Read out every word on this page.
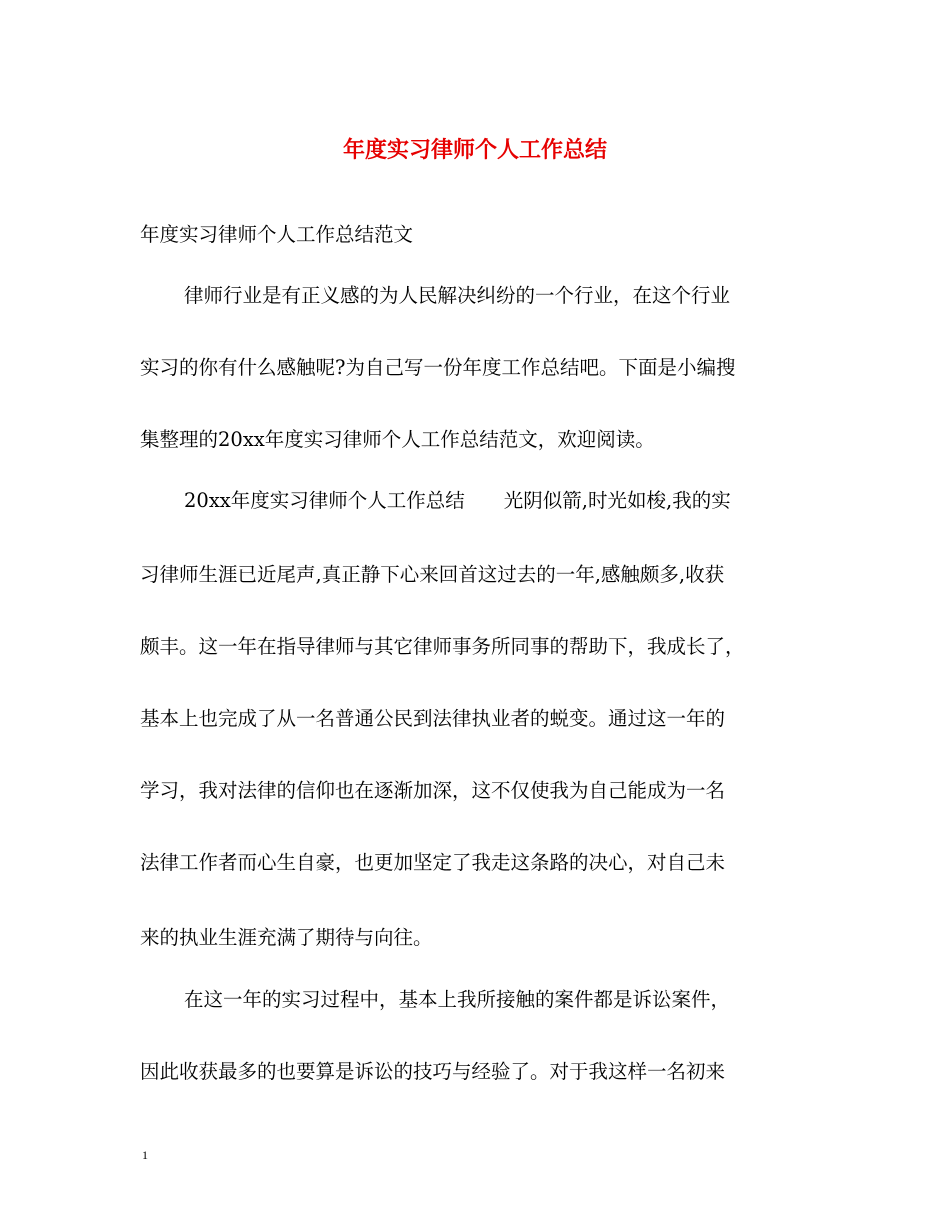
年度实习律师个人工作总结
年度实习律师个人工作总结范文
律师行业是有正义感的为人民解决纠纷的一个行业，在这个行业
实习的你有什么感触呢?为自己写一份年度工作总结吧。下面是小编搜
集整理的20xx年度实习律师个人工作总结范文，欢迎阅读。
20xx年度实习律师个人工作总结　　光阴似箭,时光如梭,我的实
习律师生涯已近尾声,真正静下心来回首这过去的一年,感触颇多,收获
颇丰。这一年在指导律师与其它律师事务所同事的帮助下，我成长了，
基本上也完成了从一名普通公民到法律执业者的蜕变。通过这一年的
学习，我对法律的信仰也在逐渐加深，这不仅使我为自己能成为一名
法律工作者而心生自豪，也更加坚定了我走这条路的决心，对自己未
来的执业生涯充满了期待与向往。
在这一年的实习过程中，基本上我所接触的案件都是诉讼案件，
因此收获最多的也要算是诉讼的技巧与经验了。对于我这样一名初来
1
